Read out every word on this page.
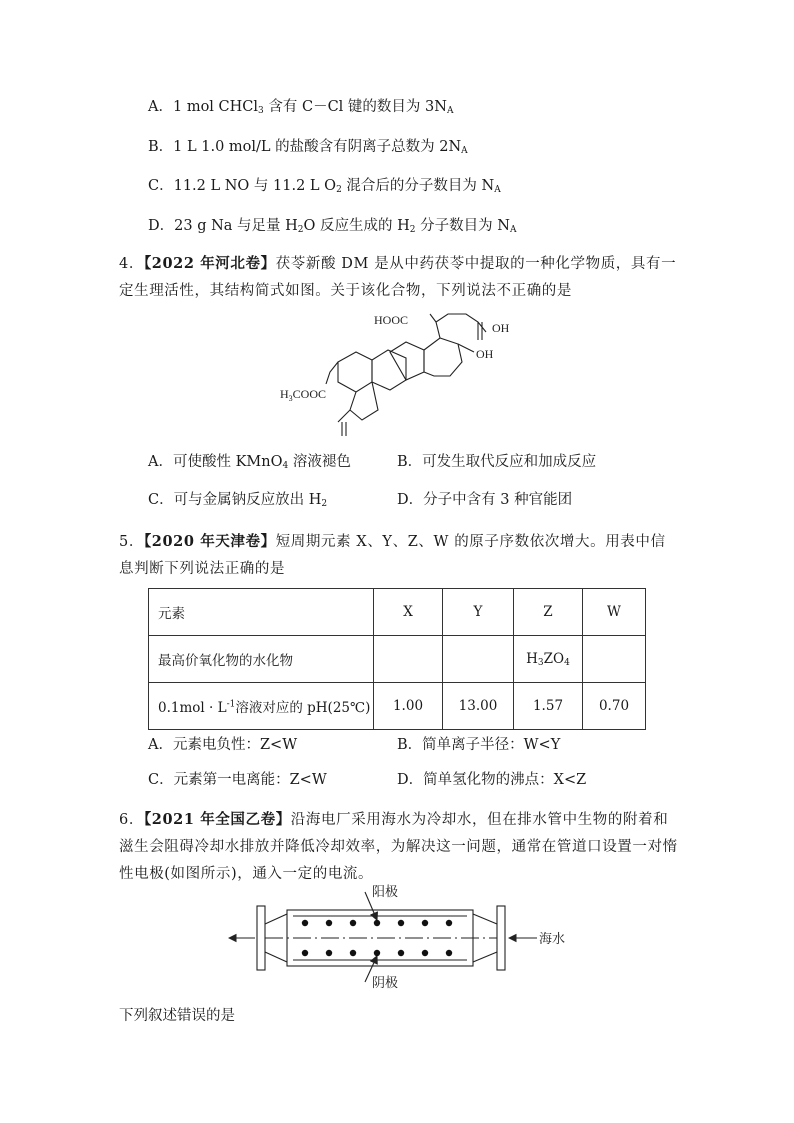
A．1 mol CHCl$_3$ 含有 C－Cl 键的数目为 $3N_A$
B．1 L 1.0 mol/L 的盐酸含有阴离子总数为 $2N_A$
C．11.2 L NO 与 11.2 L $O_2$ 混合后的分子数目为 $N_A$
D．23 g Na 与足量 $H_2O$ 反应生成的 $H_2$ 分子数目为 $N_A$
4．【2022 年河北卷】茯苓新酸 DM 是从中药茯苓中提取的一种化学物质，具有一定生理活性，其结构简式如图。关于该化合物，下列说法不正确的是
HOOC
OH
OH
$H_3COOC$
A．可使酸性 KMnO$_4$ 溶液褪色	B．可发生取代反应和加成反应
C．可与金属钠反应放出 $H_2$	D．分子中含有 3 种官能团
5．【2020 年天津卷】短周期元素 X、Y、Z、W 的原子序数依次增大。用表中信息判断下列说法正确的是
元素	X	Y	Z	W
最高价氧化物的水化物			$H_3ZO_4$	
$0.1mol \cdot L^{-1}$溶液对应的 pH(25℃)	1.00	13.00	1.57	0.70
A．元素电负性：Z<W	B．简单离子半径：W<Y
C．元素第一电离能：Z<W	D．简单氢化物的沸点：X<Z
6．【2021 年全国乙卷】沿海电厂采用海水为冷却水，但在排水管中生物的附着和滋生会阻碍冷却水排放并降低冷却效率，为解决这一问题，通常在管道口设置一对惰性电极(如图所示)，通入一定的电流。
阳极
阴极
海水
下列叙述错误的是
